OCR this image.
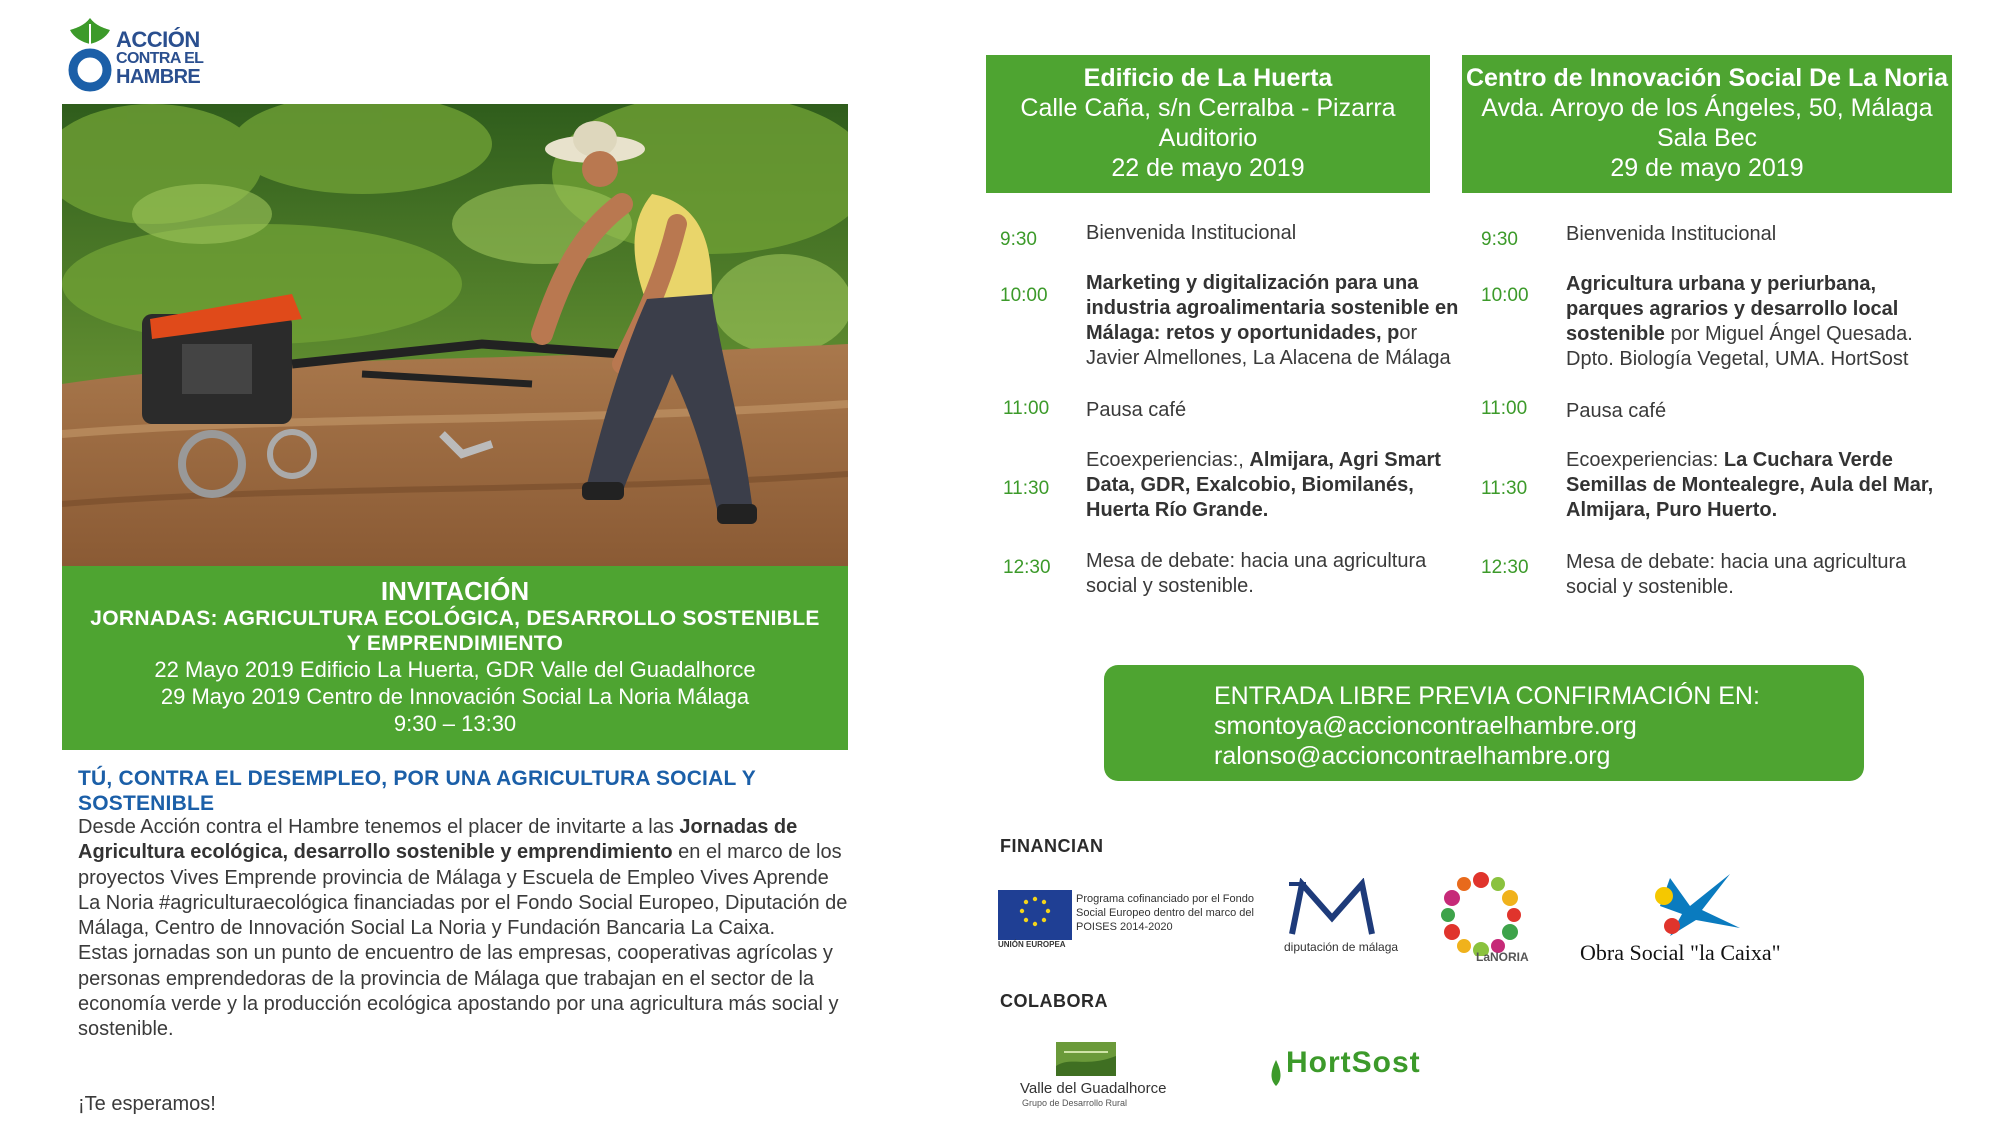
ACCIÓN
CONTRA EL
HAMBRE
INVITACIÓN
JORNADAS: AGRICULTURA ECOLÓGICA, DESARROLLO SOSTENIBLE Y EMPRENDIMIENTO
22 Mayo 2019 Edificio La Huerta, GDR Valle del Guadalhorce
29 Mayo 2019 Centro de Innovación Social La Noria Málaga
9:30 – 13:30
TÚ, CONTRA EL DESEMPLEO, POR UNA AGRICULTURA SOCIAL Y SOSTENIBLE

Desde Acción contra el Hambre tenemos el placer de invitarte a las Jornadas de Agricultura ecológica, desarrollo sostenible y emprendimiento en el marco de los proyectos Vives Emprende provincia de Málaga y Escuela de Empleo Vives Aprende La Noria #agriculturaecológica financiadas por el Fondo Social Europeo, Diputación de Málaga, Centro de Innovación Social La Noria y Fundación Bancaria La Caixa.

Estas jornadas son un punto de encuentro de las empresas, cooperativas agrícolas y personas emprendedoras de la provincia de Málaga que trabajan en el sector de la economía verde y la producción ecológica apostando por una agricultura más social y sostenible.

¡Te esperamos!
Edificio de La Huerta
Calle Caña, s/n Cerralba - Pizarra
Auditorio
22 de mayo 2019
Centro de Innovación Social De La Noria
Avda. Arroyo de los Ángeles, 50, Málaga
Sala Bec
29 de mayo 2019
9:30 Bienvenida Institucional
10:00
Marketing y digitalización para una industria agroalimentaria sostenible en Málaga: retos y oportunidades, por Javier Almellones, La Alacena de Málaga
11:00 Pausa café
11:30
Ecoexperiencias:, Almijara, Agri Smart Data, GDR, Exalcobio, Biomilanés, Huerta Río Grande.
12:30 Mesa de debate: hacia una agricultura social y sostenible.
9:30 Bienvenida Institucional
10:00
Agricultura urbana y periurbana, parques agrarios y desarrollo local sostenible por Miguel Ángel Quesada. Dpto. Biología Vegetal, UMA. HortSost
11:00 Pausa café
11:30
Ecoexperiencias: La Cuchara Verde Semillas de Montealegre, Aula del Mar, Almijara, Puro Huerto.
12:30 Mesa de debate: hacia una agricultura social y sostenible.
ENTRADA LIBRE PREVIA CONFIRMACIÓN EN:
smontoya@accioncontraelhambre.org
ralonso@accioncontraelhambre.org
FINANCIAN
Programa cofinanciado por el Fondo Social Europeo dentro del marco del POISES 2014-2020
UNIÓN EUROPEA	diputación de málaga
LaNORIA Obra Social "la Caixa"
COLABORA
Valle del Guadalhorce
Grupo de Desarrollo Rural
HortSost
